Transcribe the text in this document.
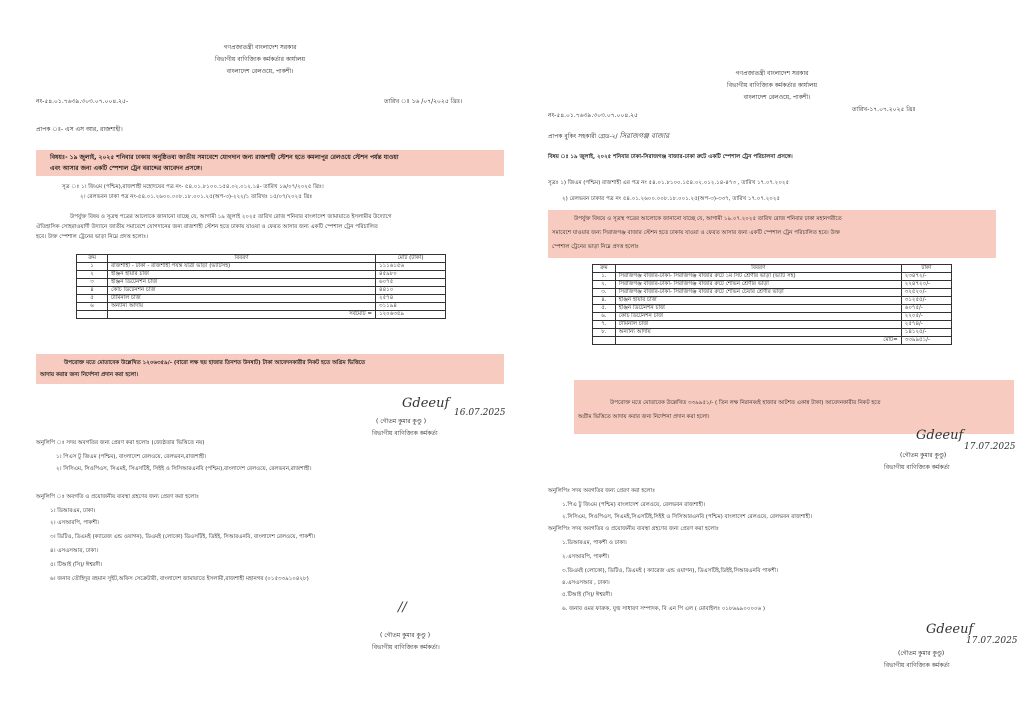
গণপ্রজাতন্ত্রী বাংলাদেশ সরকার
বিভাগীয় বাণিজ্যিক কর্মকর্তার কার্যালয়
বাংলাদেশ রেলওয়ে, পাকশী।
নং-৫৪.০১.৭৬৩৯.৩০৩.০৭.০০৪.২৫-	তারিখ ঃ ১৬ /০৭/২০২৫ খ্রিঃ।
প্রাপক ঃ- এস এস আর, রাজশাহী।
বিষয়ঃ- ১৯ জুলাই, ২০২৫ শনিবার ঢাকায় অনুষ্ঠিতব্য জাতীয় সমাবেশে যোগদান জন্য রাজশাহী স্টেশন হতে কমলাপুর রেলওয়ে স্টেশন পর্যন্ত যাওয়া
এবং আসার জন্য একটি স্পেশাল ট্রেন বরাদ্দের আবেদন প্রসঙ্গে।
সূত্র ঃ ১। জিএম (পশ্চিম),রাজশাহী মহোদয়ের পত্র নং- ৫৪.০১.৮১০০.১৫৪.০২.০১২.১৪- তারিখ ১৬/০৭/২০২৫ খ্রিঃ।
২। রেলভবন ঢাকা পত্র নং-৫৪.০১.২৬০০.০০৮.১৮.০০১.২৫(অপ-৩)-২২২/১ তারিখঃ ১৫/০৭/২০২৫ খ্রিঃ
উপর্যুক্ত বিষয় ও সূত্রস্থ পত্রের আলোকে জানানো যাচ্ছে যে, আগামী ১৯ জুলাই ২০২৫ তারিখ রোজ শনিবার বাংলাদেশ জামায়াতে ইসলামীর উদ্যোগে
ঐতিহাসিক সোহরাওয়ার্দী উদ্যানে জাতীয় সমাবেশে যোগদানের জন্য রাজশাহী স্টেশন হতে ঢাকায় যাওয়া ও ফেরত আসার জন্য একটি স্পেশাল ট্রেন পরিচালিত
হবে। উক্ত স্পেশাল ট্রেনের ভাড়া নিম্নে প্রদত্ত হলোঃ।
ক্রম	বিবরণ	মোট (টাকা)
১	রাজশাহী - ঢাকা - রাজশাহী পর্যন্ত যাত্রী ভাড়া (ভ্যাটসহ)	১১১৬১৫৬
২	ইঞ্জিন হায়ার চার্জ	৪৫৯৮০
৩	ইঞ্জিন ডিটেনশন চার্জ	৬০৭৫
৪	কোচ ডিটেনশন চার্জ	৪৪১০
৫	টার্মিনাল চার্জ	২৫৭৪
৬	অন্যান্য আদায়	৩১১৯৪
	সর্বমোট =	১২০৬৩৫৯
উপরোক্ত মতে মোতাবেক উল্লেখিত ১২০৬৩৫৯/- (বারো লক্ষ ছয় হাজার তিনশত উনষাট) টাকা আবেদনকারীর নিকট হতে অগ্রিম ভিত্তিতে
আদায় করার জন্য নির্দেশনা প্রদান করা হলো।
Gdeeuf
16.07.2025
( গৌতম কুমার কুণ্ডু )
বিভাগীয় বাণিজ্যিক কর্মকর্তা
অনুলিপি ঃ সদয় অবগতির জন্য প্রেরণ করা হলোঃ (জ্যেষ্ঠতার ভিত্তিতে নয়)
১। পিএস টু জিএম (পশ্চিম), বাংলাদেশ রেলওয়ে, রেলভবন,রাজশাহী।
২। সিসিএম, সিওপিএস, সিএমই, সিএসটিই, সিইই ও সিসিআরএনবি (পশ্চিম),বাংলাদেশ রেলওয়ে, রেলভবন,রাজশাহী।
অনুলিপি ঃ অবগতি ও প্রয়োজনীয় ব্যবস্থা গ্রহণের জন্য প্রেরণ করা হলোঃ
১। ডিআরএম, ঢাকা।
২। এসআরপি, পাকশী।
৩। ডিটিও, ডিএমই (ক্যারেজ এন্ড ওয়াগন), ডিএমই (লোকো) ডিএসটিই, ডিইই, সিআরএনবি, বাংলাদেশ রেলওয়ে, পাকশী।
৪। এসএসআর, ঢাকা।
৫। টিআই (সি)/ ঈশ্বরদী।
৬। জনাব তৌহিদুর রহমান সুইট,অফিস সেক্রেটারী, বাংলাদেশ জামায়াতে ইসলামী,রাজশাহী মহানগর (০১৫৩৩৯১০৪২৮)
//
( গৌতম কুমার কুণ্ডু )
বিভাগীয় বাণিজ্যিক কর্মকর্তা।
গণপ্রজাতন্ত্রী বাংলাদেশ সরকার
বিভাগীয় বাণিজ্যিক কর্মকর্তার কার্যালয়
বাংলাদেশ রেলওয়ে, পাকশী।
নং-৫৪.০১.৭৬৩৯.৩০৩.০৭.০০৪.২৫
তারিখ-১৭.০৭.২০২৫ খ্রিঃ
প্রাপক বুকিং সহকারী গ্রেড-২/ সিরাজগঞ্জ বাজার
বিষয় ঃ ১৯ জুলাই, ২০২৫ শনিবার ঢাকা-সিরাজগঞ্জ বাজার-ঢাকা রুটে একটি স্পেশাল ট্রেন পরিচালনা প্রসঙ্গে।
সূত্রঃ ১) জিএম (পশ্চিম) রাজশাহী এর পত্র নং ৫৪.০১.৮১০০.১৫৪.০২.০১২.১৪-৪৭৩ , তারিখ ১৭.০৭.২০২৫
২) রেলভবন ঢাকার পত্র নং ৫৪.০১.২৬০০.০০৮.১৮.০০১.২৫(অপ-৩)-৩৩৭, তারিখ ১৭.০৭.২০২৫
উপর্যুক্ত বিষয়ে ও সূত্রস্থ পত্রের আলোকে জানানো যাচ্ছে যে, আগামী ১৯.০৭.২০২৫ তারিখ রোজ শনিবার ঢাকা মহানগরীতে
সমাবেশে যাওয়ার জন্য সিরাজগঞ্জ বাজার স্টেশন হতে ঢাকায় যাওয়া ও ফেরত আসার জন্য একটি স্পেশাল ট্রেন পরিচালিত হবে। উক্ত
স্পেশাল ট্রেনের ভাড়া নিম্নে প্রদত্ত হলোঃ
ক্রম	বিবরণ	টাকা
১.	সিরাজগঞ্জ বাজার-ঢাকা- সিরাজগঞ্জ বাজার রুটে ১ম সিট শ্রেণীর ভাড়া (ভ্যাট সহ)	২৩৪৭২/-
২.	সিরাজগঞ্জ বাজার-ঢাকা- সিরাজগঞ্জ বাজার রুটে শোভন শ্রেণীর ভাড়া	২২৪৭২০/-
৩.	সিরাজগঞ্জ বাজার-ঢাকা- সিরাজগঞ্জ বাজার রুটে শোভন চেয়ার শ্রেণীর ভাড়া	৩২৫২০/-
৪.	ইঞ্জিন হায়ার চার্জ	৩১২৫৫/-
৫.	ইঞ্জিন ডিটেনশন চার্জ	৬০৭৫/-
৬.	কোচ ডিটেনশন চার্জ	২২০৫/-
৭.	টার্মিনাল চার্জ	২৫৭৪/-
৮.	অন্যান্য আদায়	১৪১২৫/-
	মোট=	৩৩৯৯৫১/-
উপরোক্ত মতে মোতাবেক উল্লেখিত ৩৩৯৯৫১/- ( তিন লক্ষ নিরানব্বই হাজার আটশত একান্ন টাকা) আবেদনকারীর নিকট হতে
অগ্রীম ভিত্তিতে আদায় করার জন্য নির্দেশনা প্রদান করা হলো।
Gdeeuf
17.07.2025
(গৌতম কুমার কুণ্ডু)
বিভাগীয় বাণিজ্যিক কর্মকর্তা
অনুলিপিঃ সদয় অবগতির জন্য প্রেরণ করা হলোঃ
১.পিএ টু জিএম (পশ্চিম) বাংলাদেশ রেলওয়ে, রেলভবন রাজশাহী।
২.সিসিএম, সিওপিএস, সিএমই,সিএসটিই,সিইই ও সিসিআরএনবি (পশ্চিম) বাংলাদেশ রেলওয়ে, রেলভবন রাজশাহী।
অনুলিপিঃ সদয় অবগতির ও প্রয়োজনীয় ব্যবস্থা গ্রহণের জন্য প্রেরণ করা হলোঃ
১.ডিআরএম, পাকশী ও ঢাকা।
২.এসআরপি, পাকশী।
৩.ডিএমই (লোকো), ডিটিও, ডিএমই ( ক্যারেজ এন্ড ওয়াগন), ডিএসটিই,ডিইই,সিআরএনবি পাকশী।
৪.এসএসআর , ঢাকা।
৫.টিআই (সি)/ ঈশ্বরদী।
৬. জনাব ওমর ফারুক, যুগ্ম সাধারণ সম্পাদক, বি এন পি এল ( মোবাইলঃ ০১৮৬৯৯০০০০৬ )
Gdeeuf
17.07.2025
(গৌতম কুমার কুণ্ডু)
বিভাগীয় বাণিজ্যিক কর্মকর্তা
